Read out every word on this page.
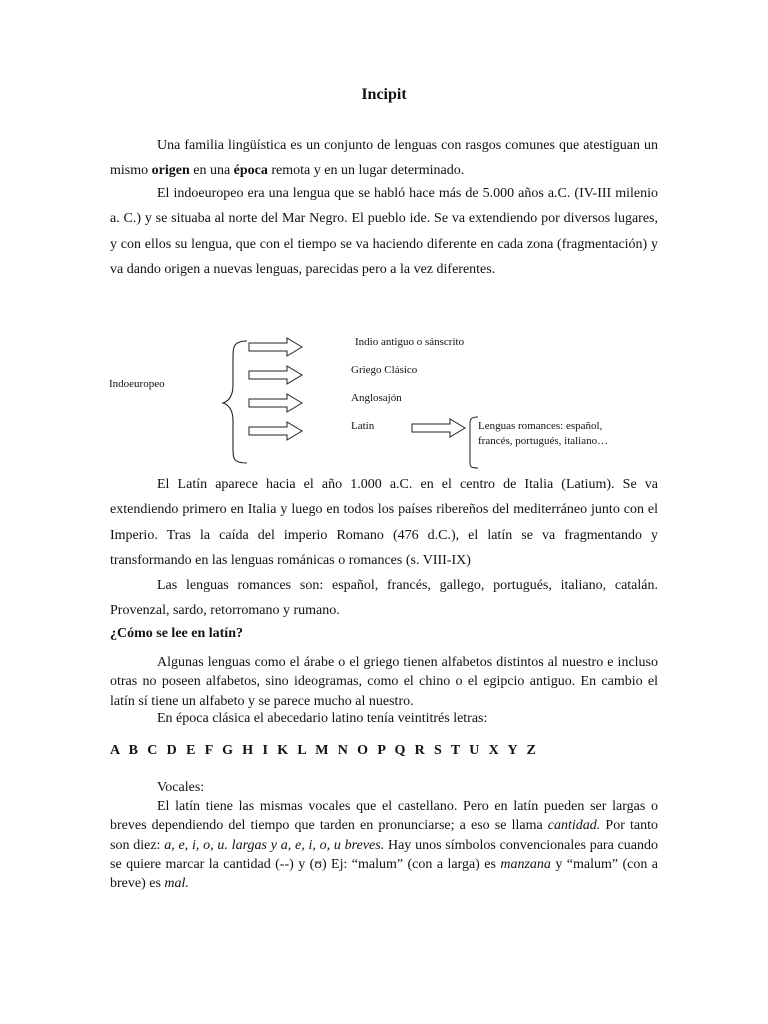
Incipit

Una familia lingüística es un conjunto de lenguas con rasgos comunes que atestiguan un mismo origen en una época remota y en un lugar determinado.

El indoeuropeo era una lengua que se habló hace más de 5.000 años a.C. (IV-III milenio a. C.) y se situaba al norte del Mar Negro. El pueblo ide. Se va extendiendo por diversos lugares, y con ellos su lengua, que con el tiempo se va haciendo diferente en cada zona (fragmentación) y va dando origen a nuevas lenguas, parecidas pero a la vez diferentes.

Indoeuropeo
Indio antiguo o sánscrito
Griego Clásico
Anglosajón
Latín	Lenguas romances: español,
francés, portugués, italiano…

El Latín aparece hacia el año 1.000 a.C. en el centro de Italia (Latium). Se va extendiendo primero en Italia y luego en todos los países ribereños del mediterráneo junto con el Imperio. Tras la caída del imperio Romano (476 d.C.), el latín se va fragmentando y transformando en las lenguas románicas o romances (s. VIII-IX)

Las lenguas romances son: español, francés, gallego, portugués, italiano, catalán. Provenzal, sardo, retorromano y rumano.

¿Cómo se lee en latín?

Algunas lenguas como el árabe o el griego tienen alfabetos distintos al nuestro e incluso otras no poseen alfabetos, sino ideogramas, como el chino o el egipcio antiguo. En cambio el latín sí tiene un alfabeto y se parece mucho al nuestro.

En época clásica el abecedario latino tenía veintitrés letras:

A B C D E F G H I K L M N O P Q R S T U X Y Z

Vocales:

El latín tiene las mismas vocales que el castellano. Pero en latín pueden ser largas o breves dependiendo del tiempo que tarden en pronunciarse; a eso se llama cantidad. Por tanto son diez: a, e, i, o, u. largas y a, e, i, o, u breves. Hay unos símbolos convencionales para cuando se quiere marcar la cantidad (--) y (ʊ) Ej: “malum” (con a larga) es manzana y “malum” (con a breve) es mal.
